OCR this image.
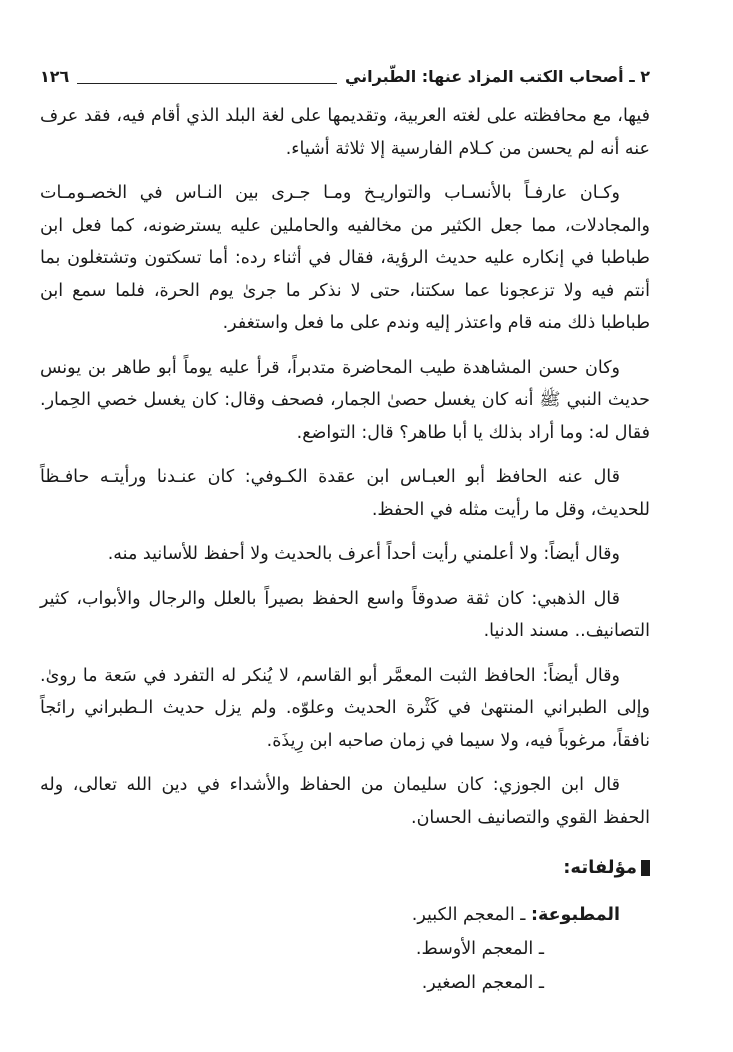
٢ ـ أصحاب الكتب المزاد عنها: الطّبراني
١٢٦

فيها، مع محافظته على لغته العربية، وتقديمها على لغة البلد الذي أقام فيه، فقد عرف عنه أنه لم يحسن من كـلام الفارسية إلا ثلاثة أشياء.

وكـان عارفـاً بالأنسـاب والتواريـخ ومـا جـرى بين النـاس في الخصـومـات والمجادلات، مما جعل الكثير من مخالفيه والحاملين عليه يسترضونه، كما فعل ابن طباطبا في إنكاره عليه حديث الرؤية، فقال في أثناء رده: أما تسكتون وتشتغلون بما أنتم فيه ولا تزعجونا عما سكتنا، حتى لا نذكر ما جرىٰ يوم الحرة، فلما سمع ابن طباطبا ذلك منه قام واعتذر إليه وندم على ما فعل واستغفر.

وكان حسن المشاهدة طيب المحاضرة متدبراً، قرأ عليه يوماً أبو طاهر بن يونس حديث النبي ﷺ أنه كان يغسل حصىٰ الجمار، فصحف وقال: كان يغسل خصي الحِمار. فقال له: وما أراد بذلك يا أبا طاهر؟ قال: التواضع.

قال عنه الحافظ أبو العبـاس ابن عقدة الكـوفي: كان عنـدنا ورأيتـه حافـظاً للحديث، وقل ما رأيت مثله في الحفظ.

وقال أيضاً: ولا أعلمني رأيت أحداً أعرف بالحديث ولا أحفظ للأسانيد منه.

قال الذهبي: كان ثقة صدوقاً واسع الحفظ بصيراً بالعلل والرجال والأبواب، كثير التصانيف.. مسند الدنيا.

وقال أيضاً: الحافظ الثبت المعمَّر أبو القاسم، لا يُنكر له التفرد في سَعة ما روىٰ. وإلى الطبراني المنتهىٰ في كَثْرة الحديث وعلوّه. ولم يزل حديث الـطبراني رائجاً نافقاً، مرغوباً فيه، ولا سيما في زمان صاحبه ابن رِيذَة.

قال ابن الجوزي: كان سليمان من الحفاظ والأشداء في دين الله تعالى، وله الحفظ القوي والتصانيف الحسان.

مؤلفاته:
المطبوعة: ـ المعجم الكبير.
ـ المعجم الأوسط.
ـ المعجم الصغير.
